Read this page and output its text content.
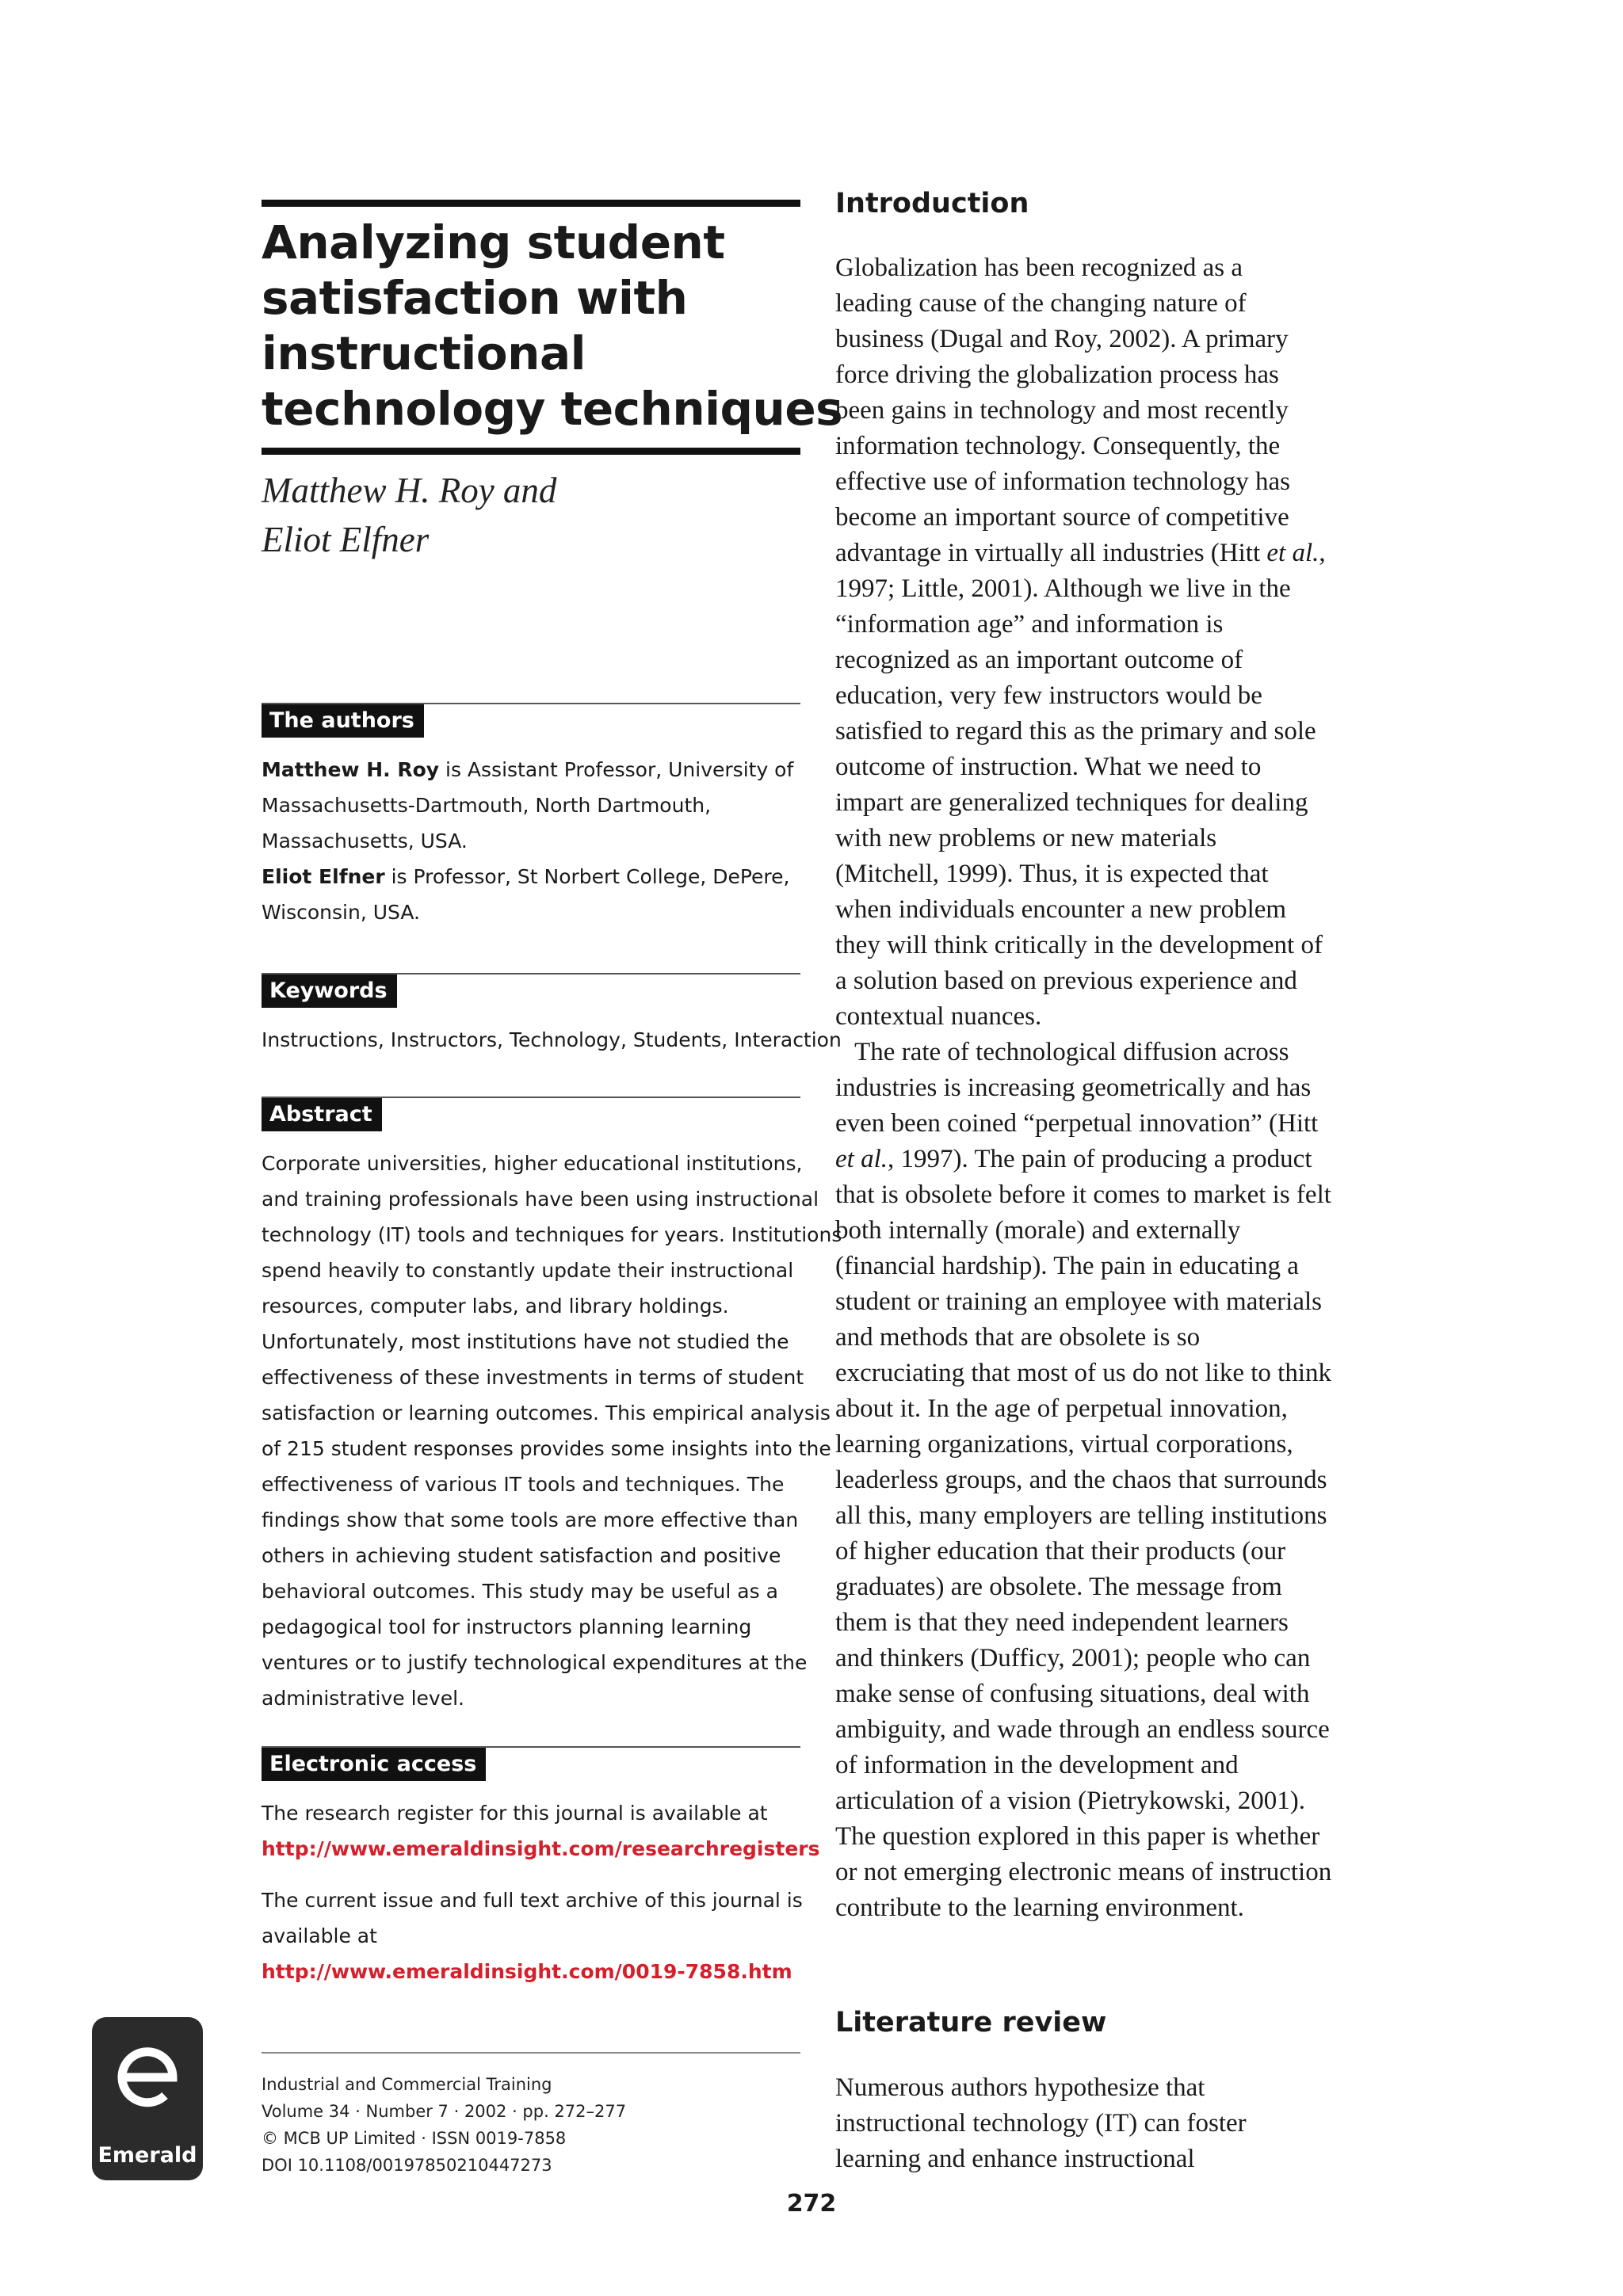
Analyzing student
satisfaction with
instructional
technology techniques
Matthew H. Roy and
Eliot Elfner
The authors
Matthew H. Roy is Assistant Professor, University of
Massachusetts-Dartmouth, North Dartmouth,
Massachusetts, USA.
Eliot Elfner is Professor, St Norbert College, DePere,
Wisconsin, USA.
Keywords
Instructions, Instructors, Technology, Students, Interaction
Abstract
Corporate universities, higher educational institutions,
and training professionals have been using instructional
technology (IT) tools and techniques for years. Institutions
spend heavily to constantly update their instructional
resources, computer labs, and library holdings.
Unfortunately, most institutions have not studied the
effectiveness of these investments in terms of student
satisfaction or learning outcomes. This empirical analysis
of 215 student responses provides some insights into the
effectiveness of various IT tools and techniques. The
findings show that some tools are more effective than
others in achieving student satisfaction and positive
behavioral outcomes. This study may be useful as a
pedagogical tool for instructors planning learning
ventures or to justify technological expenditures at the
administrative level.
Electronic access
The research register for this journal is available at
http://www.emeraldinsight.com/researchregisters
The current issue and full text archive of this journal is
available at
http://www.emeraldinsight.com/0019-7858.htm
Industrial and Commercial Training
Volume 34 · Number 7 · 2002 · pp. 272–277
© MCB UP Limited · ISSN 0019-7858
DOI 10.1108/00197850210447273
Emerald
Introduction
Globalization has been recognized as a
leading cause of the changing nature of
business (Dugal and Roy, 2002). A primary
force driving the globalization process has
been gains in technology and most recently
information technology. Consequently, the
effective use of information technology has
become an important source of competitive
advantage in virtually all industries (Hitt et al.,
1997; Little, 2001). Although we live in the
“information age” and information is
recognized as an important outcome of
education, very few instructors would be
satisfied to regard this as the primary and sole
outcome of instruction. What we need to
impart are generalized techniques for dealing
with new problems or new materials
(Mitchell, 1999). Thus, it is expected that
when individuals encounter a new problem
they will think critically in the development of
a solution based on previous experience and
contextual nuances.
The rate of technological diffusion across
industries is increasing geometrically and has
even been coined “perpetual innovation” (Hitt
et al., 1997). The pain of producing a product
that is obsolete before it comes to market is felt
both internally (morale) and externally
(financial hardship). The pain in educating a
student or training an employee with materials
and methods that are obsolete is so
excruciating that most of us do not like to think
about it. In the age of perpetual innovation,
learning organizations, virtual corporations,
leaderless groups, and the chaos that surrounds
all this, many employers are telling institutions
of higher education that their products (our
graduates) are obsolete. The message from
them is that they need independent learners
and thinkers (Dufficy, 2001); people who can
make sense of confusing situations, deal with
ambiguity, and wade through an endless source
of information in the development and
articulation of a vision (Pietrykowski, 2001).
The question explored in this paper is whether
or not emerging electronic means of instruction
contribute to the learning environment.
Literature review
Numerous authors hypothesize that
instructional technology (IT) can foster
learning and enhance instructional
272
